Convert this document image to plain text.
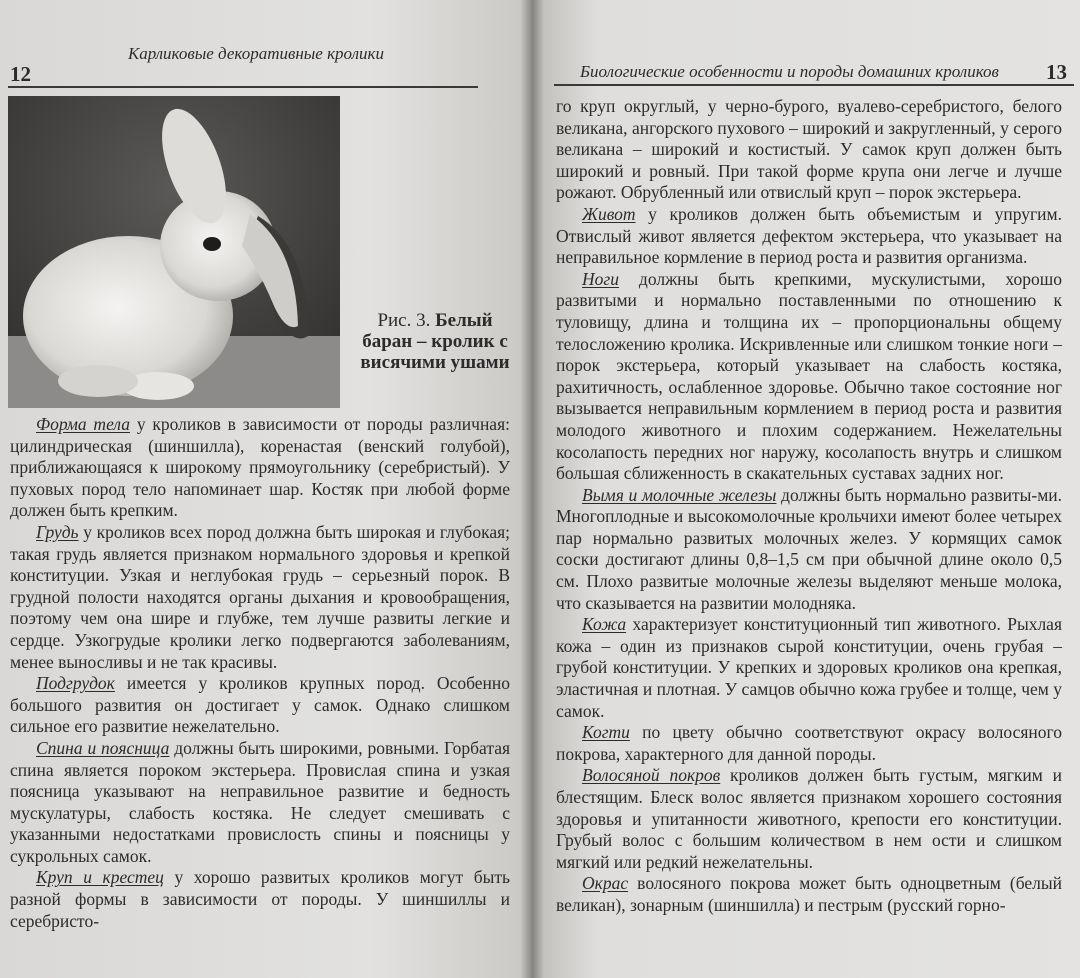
12
Карликовые декоративные кролики
Рис. 3. Белый баран – кролик с висячими ушами

Форма тела у кроликов в зависимости от породы различная: цилиндрическая (шиншилла), коренастая (венский голубой), приближающаяся к широкому прямоугольнику (серебристый). У пуховых пород тело напоминает шар. Костяк при любой форме должен быть крепким.

Грудь у кроликов всех пород должна быть широкая и глубокая; такая грудь является признаком нормального здоровья и крепкой конституции. Узкая и неглубокая грудь – серьезный порок. В грудной полости находятся органы дыхания и кровообращения, поэтому чем она шире и глубже, тем лучше развиты легкие и сердце. Узкогрудые кролики легко подвергаются заболеваниям, менее выносливы и не так красивы.

Подгрудок имеется у кроликов крупных пород. Особенно большого развития он достигает у самок. Однако слишком сильное его развитие нежелательно.

Спина и поясница должны быть широкими, ровными. Горбатая спина является пороком экстерьера. Провислая спина и узкая поясница указывают на неправильное развитие и бедность мускулатуры, слабость костяка. Не следует смешивать с указанными недостатками провислость спины и поясницы у сукрольных самок.

Круп и крестец у хорошо развитых кроликов могут быть разной формы в зависимости от породы. У шиншиллы и серебристо-

Биологические особенности и породы домашних кроликов 13

го круп округлый, у черно-бурого, вуалево-серебристого, белого великана, ангорского пухового – широкий и закругленный, у серого великана – широкий и костистый. У самок круп должен быть широкий и ровный. При такой форме крупа они легче и лучше рожают. Обрубленный или отвислый круп – порок экстерьера.

Живот у кроликов должен быть объемистым и упругим. Отвислый живот является дефектом экстерьера, что указывает на неправильное кормление в период роста и развития организма.

Ноги должны быть крепкими, мускулистыми, хорошо развитыми и нормально поставленными по отношению к туловищу, длина и толщина их – пропорциональны общему телосложению кролика. Искривленные или слишком тонкие ноги – порок экстерьера, который указывает на слабость костяка, рахитичность, ослабленное здоровье. Обычно такое состояние ног вызывается неправильным кормлением в период роста и развития молодого животного и плохим содержанием. Нежелательны косолапость передних ног наружу, косолапость внутрь и слишком большая сближенность в скакательных суставах задних ног.

Вымя и молочные железы должны быть нормально развиты-ми. Многоплодные и высокомолочные крольчихи имеют более четырех пар нормально развитых молочных желез. У кормящих самок соски достигают длины 0,8–1,5 см при обычной длине около 0,5 см. Плохо развитые молочные железы выделяют меньше молока, что сказывается на развитии молодняка.

Кожа характеризует конституционный тип животного. Рыхлая кожа – один из признаков сырой конституции, очень грубая – грубой конституции. У крепких и здоровых кроликов она крепкая, эластичная и плотная. У самцов обычно кожа грубее и толще, чем у самок.

Когти по цвету обычно соответствуют окрасу волосяного покрова, характерного для данной породы.

Волосяной покров кроликов должен быть густым, мягким и блестящим. Блеск волос является признаком хорошего состояния здоровья и упитанности животного, крепости его конституции. Грубый волос с большим количеством в нем ости и слишком мягкий или редкий нежелательны.

Окрас волосяного покрова может быть одноцветным (белый великан), зонарным (шиншилла) и пестрым (русский горно-
